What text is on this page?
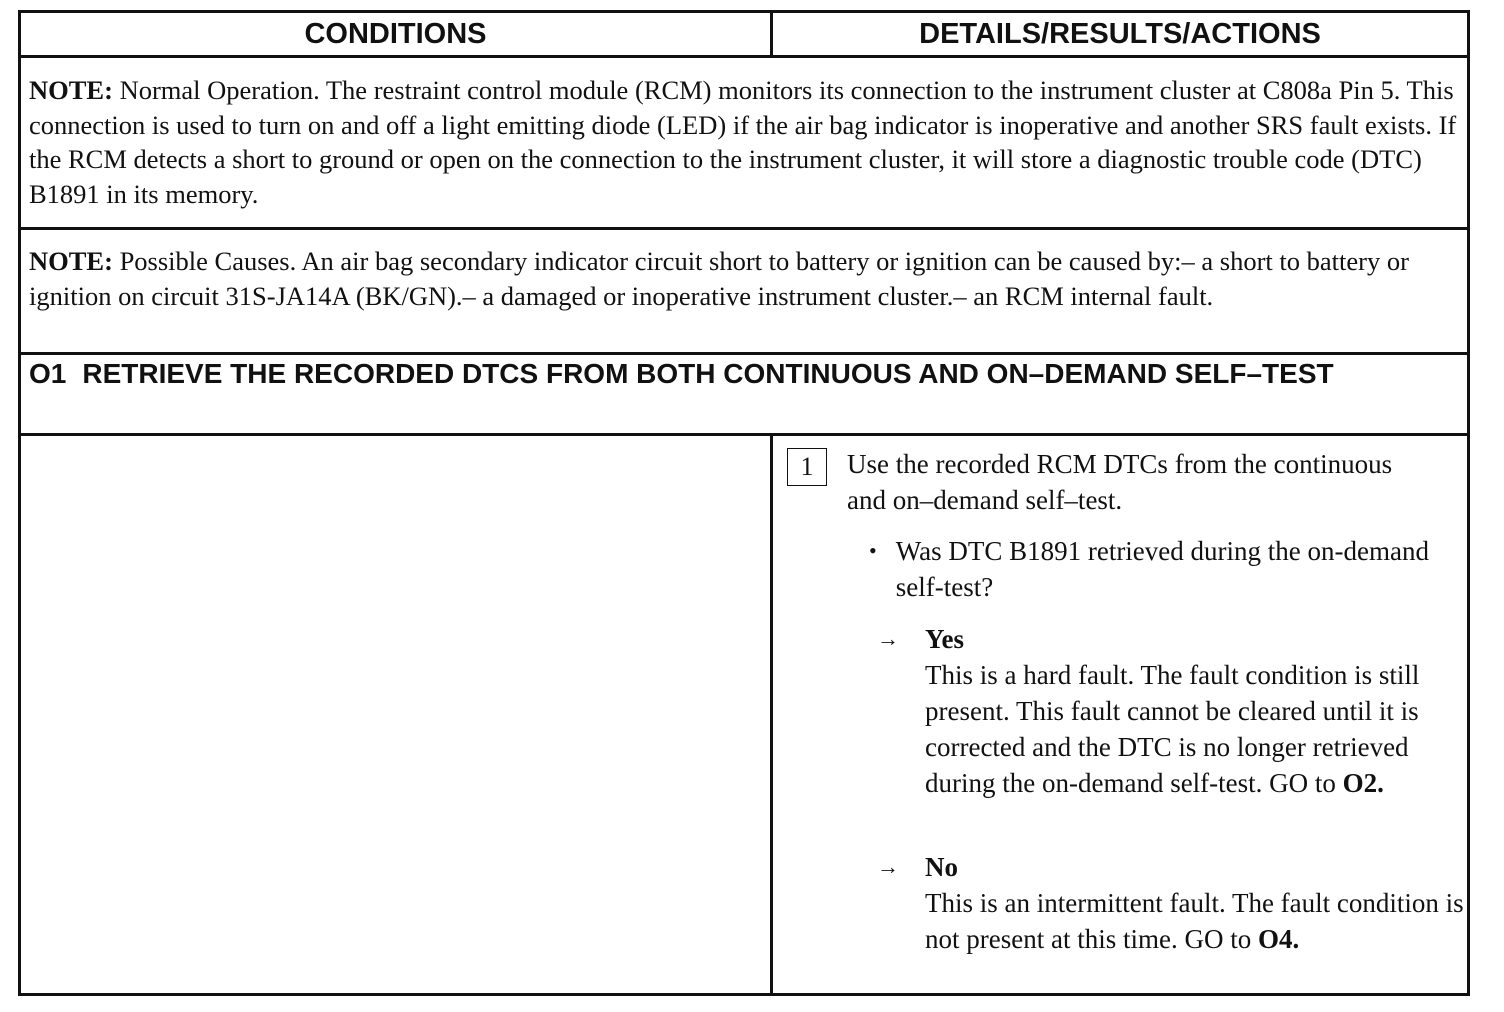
CONDITIONS	DETAILS/RESULTS/ACTIONS
NOTE: Normal Operation. The restraint control module (RCM) monitors its connection to the instrument cluster at C808a Pin 5. This connection is used to turn on and off a light emitting diode (LED) if the air bag indicator is inoperative and another SRS fault exists. If the RCM detects a short to ground or open on the connection to the instrument cluster, it will store a diagnostic trouble code (DTC) B1891 in its memory.
NOTE: Possible Causes. An air bag secondary indicator circuit short to battery or ignition can be caused by:– a short to battery or ignition on circuit 31S-JA14A (BK/GN).– a damaged or inoperative instrument cluster.– an RCM internal fault.
O1 RETRIEVE THE RECORDED DTCS FROM BOTH CONTINUOUS AND ON–DEMAND SELF–TEST
1	Use the recorded RCM DTCs from the continuous and on–demand self–test.
• Was DTC B1891 retrieved during the on-demand self-test?
→ Yes
This is a hard fault. The fault condition is still present. This fault cannot be cleared until it is corrected and the DTC is no longer retrieved during the on-demand self-test. GO to O2.
→ No
This is an intermittent fault. The fault condition is not present at this time. GO to O4.
